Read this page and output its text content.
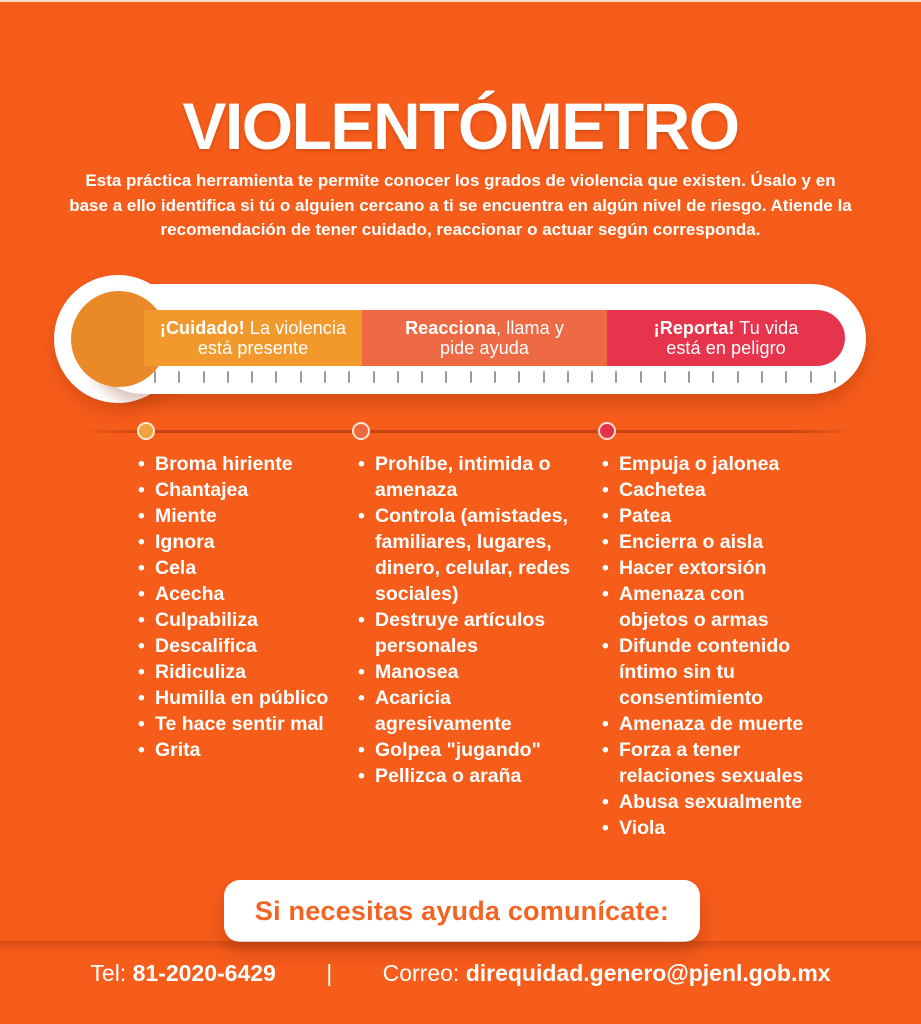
VIOLENTÓMETRO

Esta práctica herramienta te permite conocer los grados de violencia que existen. Úsalo y en base a ello identifica si tú o alguien cercano a ti se encuentra en algún nivel de riesgo. Atiende la recomendación de tener cuidado, reaccionar o actuar según corresponda.

¡Cuidado! La violencia
está presente
Reacciona, llama y
pide ayuda
¡Reporta! Tu vida
está en peligro
• Broma hiriente
• Chantajea
• Miente
• Ignora
• Cela
• Acecha
• Culpabiliza
• Descalifica
• Ridiculiza
• Humilla en público
• Te hace sentir mal
• Grita
• Prohíbe, intimida o amenaza
• Controla (amistades, familiares, lugares, dinero, celular, redes sociales)
• Destruye artículos personales
• Manosea
• Acaricia agresivamente
• Golpea "jugando"
• Pellizca o araña
• Empuja o jalonea
• Cachetea
• Patea
• Encierra o aisla
• Hacer extorsión
• Amenaza con objetos o armas
• Difunde contenido íntimo sin tu consentimiento
• Amenaza de muerte
• Forza a tener relaciones sexuales
• Abusa sexualmente
• Viola
Si necesitas ayuda comunícate:
Tel: 81-2020-6429 | Correo: direquidad.genero@pjenl.gob.mx
